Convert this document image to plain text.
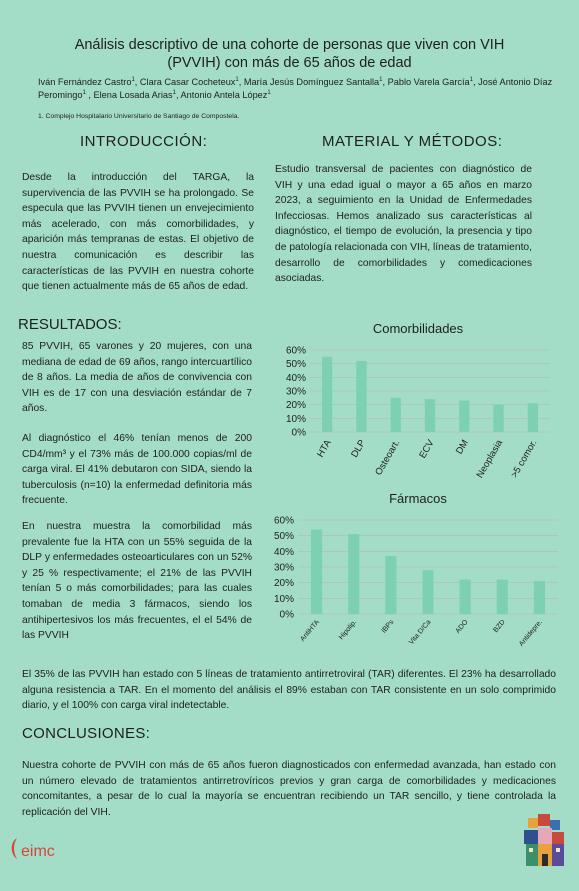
Análisis descriptivo de una cohorte de personas que viven con VIH
(PVVIH) con más de 65 años de edad
Iván Fernández Castro$^1$, Clara Casar Cocheteux$^1$, María Jesús Domínguez Santalla$^1$, Pablo Varela García$^1$, José Antonio Díaz Peromingo$^1$ , Elena Losada Arias$^1$, Antonio Antela López$^1$
1. Complejo Hospitalario Universitario de Santiago de Compostela.
INTRODUCCIÓN:	MATERIAL Y MÉTODOS:
Desde la introducción del TARGA, la supervivencia de las PVVIH se ha prolongado. Se especula que las PVVIH tienen un envejecimiento más acelerado, con más comorbilidades, y aparición más tempranas de estas. El objetivo de nuestra comunicación es describir las características de las PVVIH en nuestra cohorte que tienen actualmente más de 65 años de edad.
Estudio transversal de pacientes con diagnóstico de VIH y una edad igual o mayor a 65 años en marzo 2023, a seguimiento en la Unidad de Enfermedades Infecciosas. Hemos analizado sus características al diagnóstico, el tiempo de evolución, la presencia y tipo de patología relacionada con VIH, líneas de tratamiento, desarrollo de comorbilidades y comedicaciones asociadas.
RESULTADOS:
85 PVVIH, 65 varones y 20 mujeres, con una mediana de edad de 69 años, rango intercuartílico de 8 años. La media de años de convivencia con VIH es de 17 con una desviación estándar de 7 años.
Al diagnóstico el 46% tenían menos de 200 CD4/mm³ y el 73% más de 100.000 copias/ml de carga viral. El 41% debutaron con SIDA, siendo la tuberculosis (n=10) la enfermedad definitoria más frecuente.
En nuestra muestra la comorbilidad más prevalente fue la HTA con un 55% seguida de la DLP y enfermedades osteoarticulares con un 52% y 25 % respectivamente; el 21% de las PVVIH tenían 5 o más comorbilidades; para las cuales tomaban de media 3 fármacos, siendo los antihipertesivos los más frecuentes, el el 54% de las PVVIH
El 35% de las PVVIH han estado con 5 líneas de tratamiento antirretroviral (TAR) diferentes. El 23% ha desarrollado alguna resistencia a TAR. En el momento del análisis el 89% estaban con TAR consistente en un solo comprimido diario, y el 100% con carga viral indetectable.
CONCLUSIONES:
Nuestra cohorte de PVVIH con más de 65 años fueron diagnosticados con enfermedad avanzada, han estado con un número elevado de tratamientos antirretrovíricos previos y gran carga de comorbilidades y medicaciones concomitantes, a pesar de lo cual la mayoría se encuentran recibiendo un TAR sencillo, y tiene controlada la replicación del VIH.
Comorbilidades
0%
10%
20%
30%
40%
50%
60%
HTA DLP Osteoart. ECV DM Neoplasia >5 comor.
Fármacos
0%
10%
20%
30%
40%
50%
60%
AntiHTA Hipolip.	IBPs Vita D/Ca	ADO	BZD Antidepre.
eimc
